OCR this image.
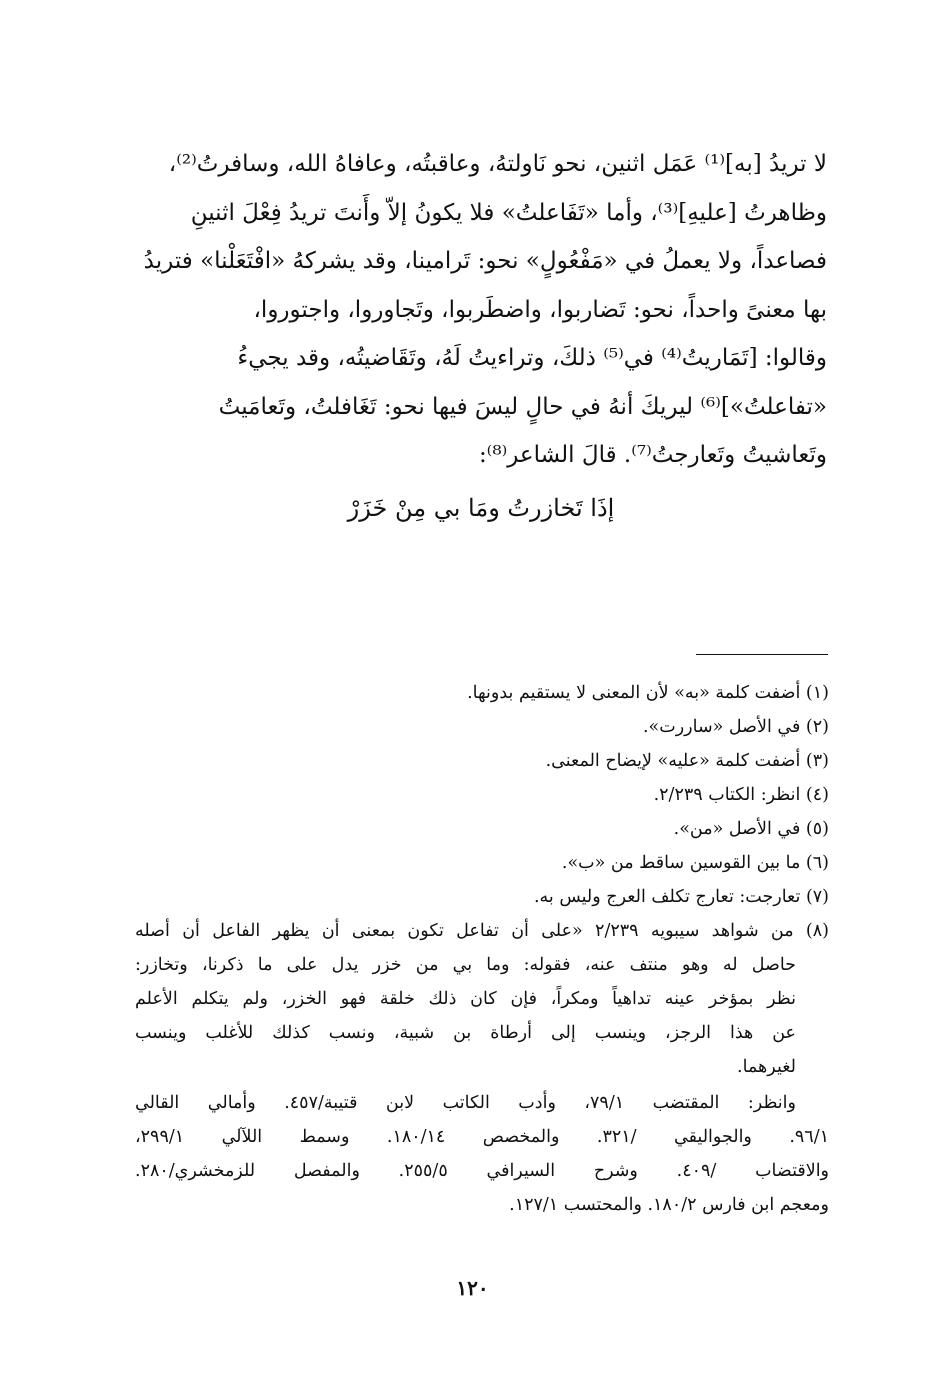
لا تريدُ [به]⁽¹⁾ عَمَل اثنين، نحو نَاولتهُ، وعاقبتُه، وعافاهُ الله، وسافرتُ⁽²⁾،
وظاهرتُ [عليهِ]⁽³⁾، وأما «تَفَاعلتُ» فلا يكونُ إلاّ وأَنتَ تريدُ فِعْلَ اثنينِ
فصاعداً، ولا يعملُ في «مَفْعُولٍ» نحو: تَرامينا، وقد يشركهُ «افْتَعَلْنا» فتريدُ
بها معنىً واحداً، نحو: تَضاربوا، واضطَربوا، وتَجاوروا، واجتوروا،
وقالوا: [تَمَاريتُ⁽⁴⁾ في⁽⁵⁾ ذلكَ، وتراءيتُ لَهُ، وتَقَاضيتُه، وقد يجيءُ
«تفاعلتُ»]⁽⁶⁾ ليريكَ أنهُ في حالٍ ليسَ فيها نحو: تَغَافلتُ، وتَعامَيتُ
وتَعاشيتُ وتَعارجتُ⁽⁷⁾. قالَ الشاعر⁽⁸⁾:
إذَا تَخازرتُ ومَا بي مِنْ خَزَرْ
(١) أضفت كلمة «به» لأن المعنى لا يستقيم بدونها.
(٢) في الأصل «ساررت».
(٣) أضفت كلمة «عليه» لإيضاح المعنى.
(٤) انظر: الكتاب ٢/٢٣٩.
(٥) في الأصل «من».
(٦) ما بين القوسين ساقط من «ب».
(٧) تعارجت: تعارج تكلف العرج وليس به.
(٨) من شواهد سيبويه ٢/٢٣٩ «على أن تفاعل تكون بمعنى أن يظهر الفاعل أن أصله
حاصل له وهو منتف عنه، فقوله: وما بي من خزر يدل على ما ذكرنا، وتخازر:
نظر بمؤخر عينه تداهياً ومكراً، فإن كان ذلك خلقة فهو الخزر، ولم يتكلم الأعلم
عن هذا الرجز، وينسب إلى أرطاة بن شبية، ونسب كذلك للأغلب وينسب
لغيرهما.
وانظر: المقتضب ٧٩/١، وأدب الكاتب لابن قتيبة/٤٥٧. وأمالي القالي
٩٦/١. والجواليقي /٣٢١. والمخصص ١٨٠/١٤. وسمط اللآلي ٢٩٩/١،
والاقتضاب /٤٠٩. وشرح السيرافي ٢٥٥/٥. والمفصل للزمخشري/٢٨٠.
ومعجم ابن فارس ١٨٠/٢. والمحتسب ١٢٧/١.
١٢٠
